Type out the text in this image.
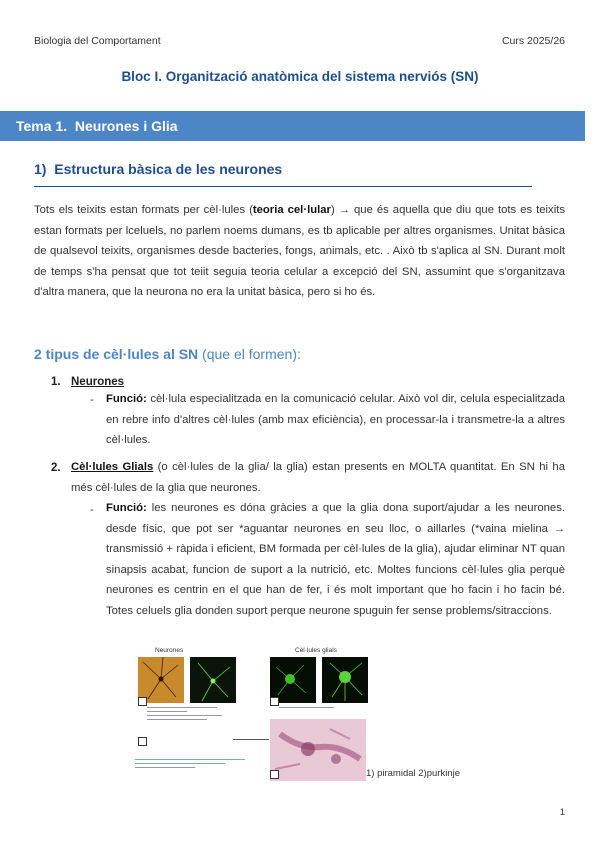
Biologia del Comportament	Curs 2025/26
Bloc I. Organització anatòmica del sistema nerviós (SN)
Tema 1. Neurones i Glia
1) Estructura bàsica de les neurones
Tots els teixits estan formats per cèl·lules (teoria cel·lular) → que és aquella que diu que tots es teixits estan formats per lceluels, no parlem noems dumans, es tb aplicable per altres organismes. Unitat bàsica de qualsevol teixits, organismes desde bacteries, fongs, animals, etc. . Això tb s'aplica al SN. Durant molt de temps s'ha pensat que tot teiit seguia teoria celular a excepció del SN, assumint que s'organitzava d'altra manera, que la neurona no era la unitat bàsica, pero si ho és.
2 tipus de cèl·lules al SN (que el formen):
1. Neurones
- Funció: cèl·lula especialitzada en la comunicació celular. Això vol dir, celula especialitzada en rebre info d'altres cèl·lules (amb max eficiència), en processar-la i transmetre-la a altres cèl·lules.
2. Cèl·lules Glials (o cèl·lules de la glia/ la glia) estan presents en MOLTA quantitat. En SN hi ha més cèl·lules de la glia que neurones.
- Funció: les neurones es dóna gràcies a que la glia dona suport/ajudar a les neurones. desde físic, que pot ser *aguantar neurones en seu lloc, o aillarles (*vaina mielina → transmissió + ràpida i eficient, BM formada per cèl·lules de la glia), ajudar eliminar NT quan sinapsis acabat, funcion de suport a la nutrició, etc. Moltes funcions cèl·lules glia perquè neurones es centrin en el que han de fer, i és molt important que ho facin i ho facin bé. Totes celuels glia donden suport perque neurone spuguin fer sense problems/sitraccions.
Neurones	Cèl·lules glials
1) piramidal 2)purkinje
1
